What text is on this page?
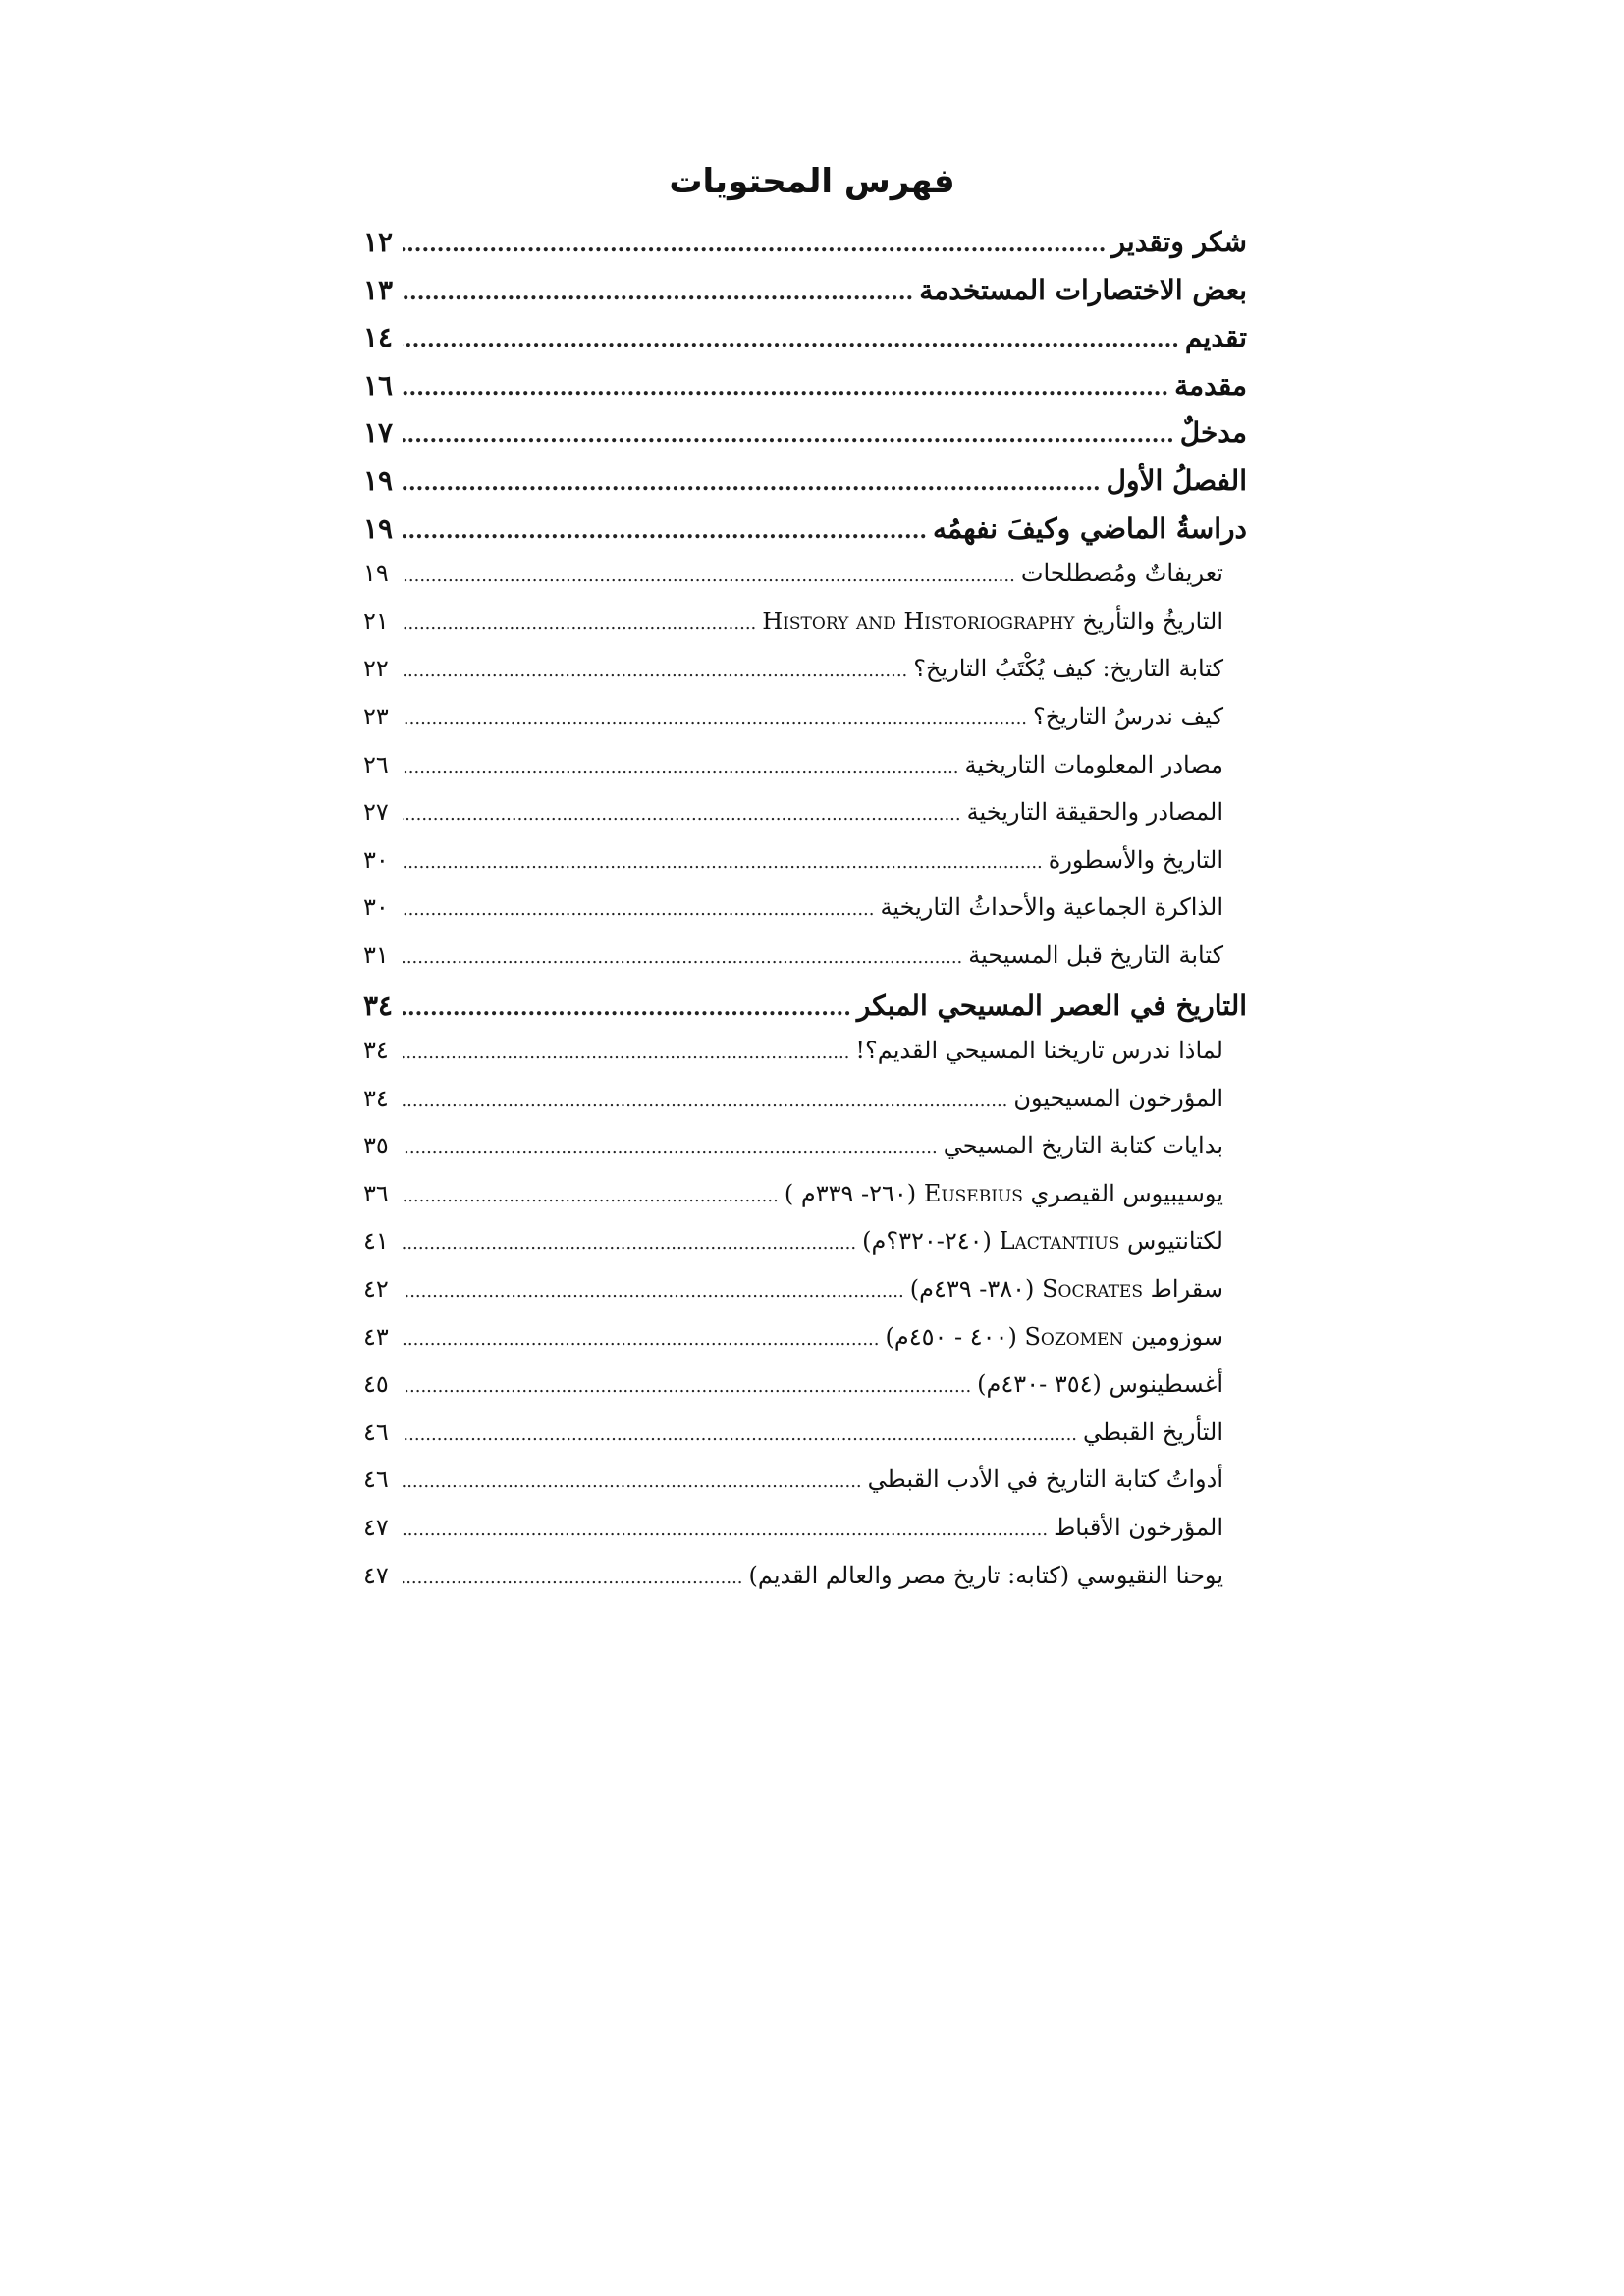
فهرس المحتويات
شكر وتقدير
.....
١٢
بعض الاختصارات المستخدمة
.....
١٣
تقديم
.....
١٤
مقدمة
.....
١٦
مدخلٌ
.....
١٧
الفصلُ الأول
.....
١٩
دراسةُ الماضي وكيفَ نفهمُه
.....
١٩
تعريفاتٌ ومُصطلحات
.....
١٩
التاريخُ والتأريخ History and Historiography
.....
٢١
كتابة التاريخ: كيف يُكْتَبُ التاريخ؟
.....
٢٢
كيف ندرسُ التاريخ؟
.....
٢٣
مصادر المعلومات التاريخية
.....
٢٦
المصادر والحقيقة التاريخية
.....
٢٧
التاريخ والأسطورة
.....
٣٠
الذاكرة الجماعية والأحداثُ التاريخية
.....
٣٠
كتابة التاريخ قبل المسيحية
.....
٣١
التاريخ في العصر المسيحي المبكر
.....
٣٤
لماذا ندرس تاريخنا المسيحي القديم؟!
.....
٣٤
المؤرخون المسيحيون
.....
٣٤
بدايات كتابة التاريخ المسيحي
.....
٣٥
يوسيبيوس القيصري Eusebius (٢٦٠- ٣٣٩م )
.....
٣٦
لكتانتيوس Lactantius (٢٤٠-٣٢٠؟م)
.....
٤١
سقراط Socrates (٣٨٠- ٤٣٩م)
.....
٤٢
سوزومين Sozomen (٤٠٠ - ٤٥٠م)
.....
٤٣
أغسطينوس (٣٥٤ -٤٣٠م)
.....
٤٥
التأريخ القبطي
.....
٤٦
أدواتُ كتابة التاريخ في الأدب القبطي
.....
٤٦
المؤرخون الأقباط
.....
٤٧
يوحنا النقيوسي (كتابه: تاريخ مصر والعالم القديم)
.....
٤٧
